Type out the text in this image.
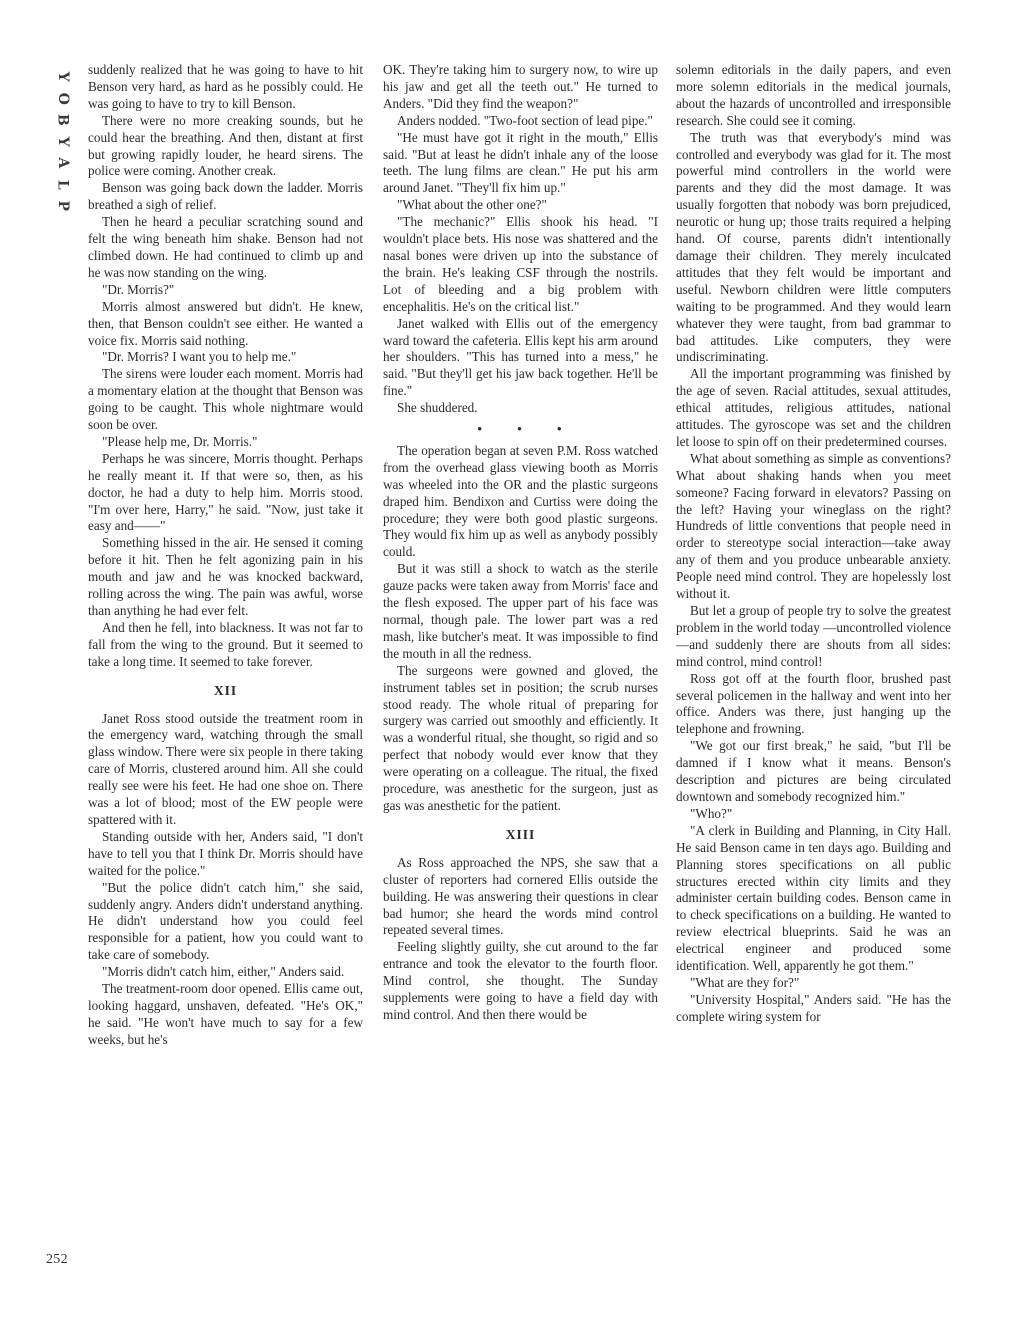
Y
O
B
Y
A
L
P
252

suddenly realized that he was going to have to hit Benson very hard, as hard as he possibly could. He was going to have to try to kill Benson.

There were no more creaking sounds, but he could hear the breathing. And then, distant at first but growing rapidly louder, he heard sirens. The police were coming. Another creak.

Benson was going back down the ladder. Morris breathed a sigh of relief.

Then he heard a peculiar scratching sound and felt the wing beneath him shake. Benson had not climbed down. He had continued to climb up and he was now standing on the wing.

"Dr. Morris?"

Morris almost answered but didn't. He knew, then, that Benson couldn't see either. He wanted a voice fix. Morris said nothing.

"Dr. Morris? I want you to help me."

The sirens were louder each moment. Morris had a momentary elation at the thought that Benson was going to be caught. This whole nightmare would soon be over.

"Please help me, Dr. Morris."

Perhaps he was sincere, Morris thought. Perhaps he really meant it. If that were so, then, as his doctor, he had a duty to help him. Morris stood. "I'm over here, Harry," he said. "Now, just take it easy and——"

Something hissed in the air. He sensed it coming before it hit. Then he felt agonizing pain in his mouth and jaw and he was knocked backward, rolling across the wing. The pain was awful, worse than anything he had ever felt.

And then he fell, into blackness. It was not far to fall from the wing to the ground. But it seemed to take a long time. It seemed to take forever.

XII

Janet Ross stood outside the treatment room in the emergency ward, watching through the small glass window. There were six people in there taking care of Morris, clustered around him. All she could really see were his feet. He had one shoe on. There was a lot of blood; most of the EW people were spattered with it.

Standing outside with her, Anders said, "I don't have to tell you that I think Dr. Morris should have waited for the police."

"But the police didn't catch him," she said, suddenly angry. Anders didn't understand anything. He didn't understand how you could feel responsible for a patient, how you could want to take care of somebody.

"Morris didn't catch him, either," Anders said.

The treatment-room door opened. Ellis came out, looking haggard, unshaven, defeated. "He's OK," he said. "He won't have much to say for a few weeks, but he's

OK. They're taking him to surgery now, to wire up his jaw and get all the teeth out." He turned to Anders. "Did they find the weapon?"

Anders nodded. "Two-foot section of lead pipe."

"He must have got it right in the mouth," Ellis said. "But at least he didn't inhale any of the loose teeth. The lung films are clean." He put his arm around Janet. "They'll fix him up."

"What about the other one?"

"The mechanic?" Ellis shook his head. "I wouldn't place bets. His nose was shattered and the nasal bones were driven up into the substance of the brain. He's leaking CSF through the nostrils. Lot of bleeding and a big problem with encephalitis. He's on the critical list."

Janet walked with Ellis out of the emergency ward toward the cafeteria. Ellis kept his arm around her shoulders. "This has turned into a mess," he said. "But they'll get his jaw back together. He'll be fine."

She shuddered.

• • •

The operation began at seven P.M. Ross watched from the overhead glass viewing booth as Morris was wheeled into the OR and the plastic surgeons draped him. Bendixon and Curtiss were doing the procedure; they were both good plastic surgeons. They would fix him up as well as anybody possibly could.

But it was still a shock to watch as the sterile gauze packs were taken away from Morris' face and the flesh exposed. The upper part of his face was normal, though pale. The lower part was a red mash, like butcher's meat. It was impossible to find the mouth in all the redness.

The surgeons were gowned and gloved, the instrument tables set in position; the scrub nurses stood ready. The whole ritual of preparing for surgery was carried out smoothly and efficiently. It was a wonderful ritual, she thought, so rigid and so perfect that nobody would ever know that they were operating on a colleague. The ritual, the fixed procedure, was anesthetic for the surgeon, just as gas was anesthetic for the patient.

XIII

As Ross approached the NPS, she saw that a cluster of reporters had cornered Ellis outside the building. He was answering their questions in clear bad humor; she heard the words mind control repeated several times.

Feeling slightly guilty, she cut around to the far entrance and took the elevator to the fourth floor. Mind control, she thought. The Sunday supplements were going to have a field day with mind control. And then there would be

solemn editorials in the daily papers, and even more solemn editorials in the medical journals, about the hazards of uncontrolled and irresponsible research. She could see it coming.

The truth was that everybody's mind was controlled and everybody was glad for it. The most powerful mind controllers in the world were parents and they did the most damage. It was usually forgotten that nobody was born prejudiced, neurotic or hung up; those traits required a helping hand. Of course, parents didn't intentionally damage their children. They merely inculcated attitudes that they felt would be important and useful. Newborn children were little computers waiting to be programmed. And they would learn whatever they were taught, from bad grammar to bad attitudes. Like computers, they were undiscriminating.

All the important programming was finished by the age of seven. Racial attitudes, sexual attitudes, ethical attitudes, religious attitudes, national attitudes. The gyroscope was set and the children let loose to spin off on their predetermined courses.

What about something as simple as conventions? What about shaking hands when you meet someone? Facing forward in elevators? Passing on the left? Having your wineglass on the right? Hundreds of little conventions that people need in order to stereotype social interaction—take away any of them and you produce unbearable anxiety. People need mind control. They are hopelessly lost without it.

But let a group of people try to solve the greatest problem in the world today —uncontrolled violence—and suddenly there are shouts from all sides: mind control, mind control!

Ross got off at the fourth floor, brushed past several policemen in the hallway and went into her office. Anders was there, just hanging up the telephone and frowning.

"We got our first break," he said, "but I'll be damned if I know what it means. Benson's description and pictures are being circulated downtown and somebody recognized him."

"Who?"

"A clerk in Building and Planning, in City Hall. He said Benson came in ten days ago. Building and Planning stores specifications on all public structures erected within city limits and they administer certain building codes. Benson came in to check specifications on a building. He wanted to review electrical blueprints. Said he was an electrical engineer and produced some identification. Well, apparently he got them."

"What are they for?"

"University Hospital," Anders said. "He has the complete wiring system for
